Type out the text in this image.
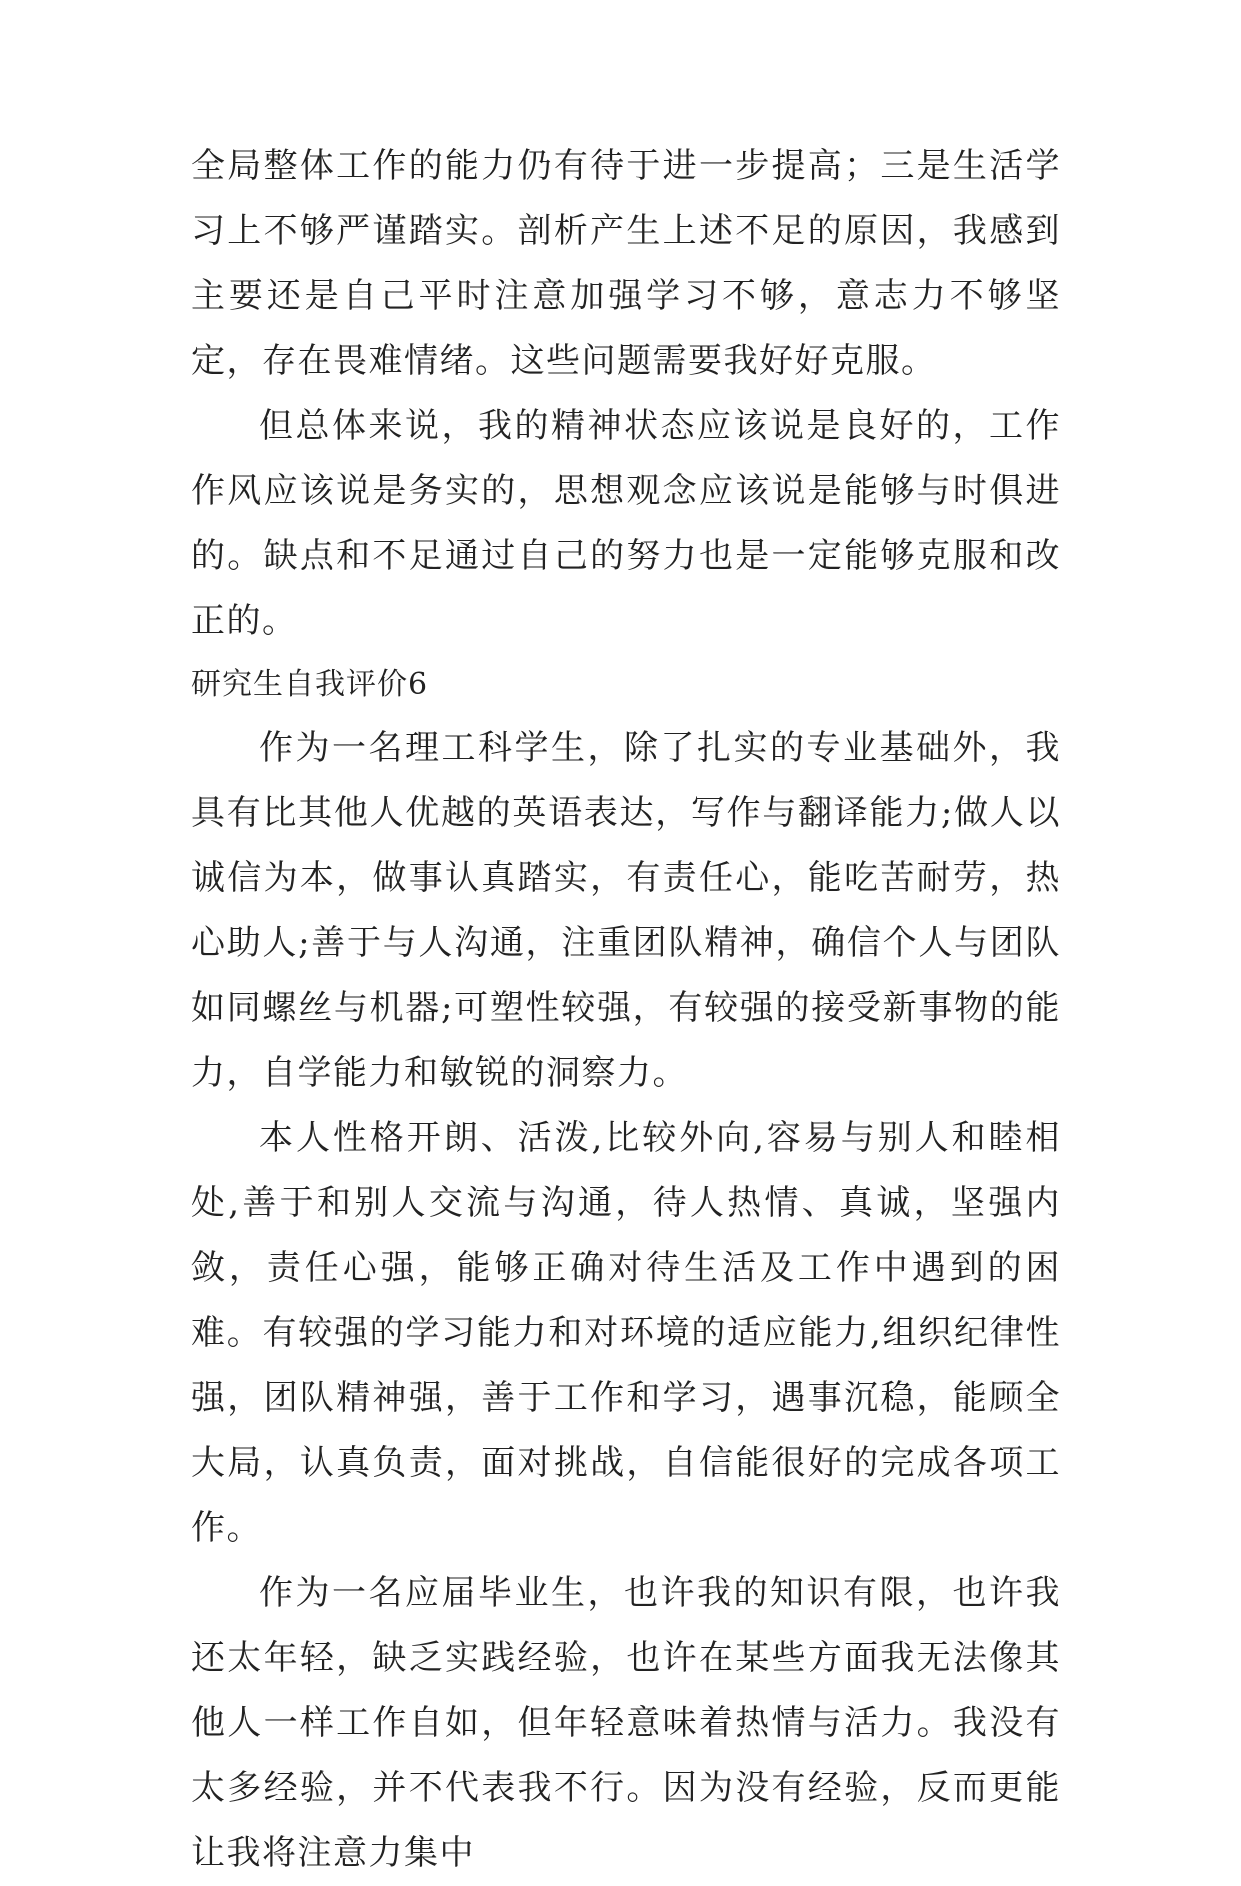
全局整体工作的能力仍有待于进一步提高；三是生活学习上不够严谨踏实。剖析产生上述不足的原因，我感到主要还是自己平时注意加强学习不够，意志力不够坚定，存在畏难情绪。这些问题需要我好好克服。

但总体来说，我的精神状态应该说是良好的，工作作风应该说是务实的，思想观念应该说是能够与时俱进的。缺点和不足通过自己的努力也是一定能够克服和改正的。

研究生自我评价6

作为一名理工科学生，除了扎实的专业基础外，我具有比其他人优越的英语表达，写作与翻译能力;做人以诚信为本，做事认真踏实，有责任心，能吃苦耐劳，热心助人;善于与人沟通，注重团队精神，确信个人与团队如同螺丝与机器;可塑性较强，有较强的接受新事物的能力，自学能力和敏锐的洞察力。

本人性格开朗、活泼,比较外向,容易与别人和睦相处,善于和别人交流与沟通，待人热情、真诚，坚强内敛，责任心强，能够正确对待生活及工作中遇到的困难。有较强的学习能力和对环境的适应能力,组织纪律性强，团队精神强，善于工作和学习，遇事沉稳，能顾全大局，认真负责，面对挑战，自信能很好的完成各项工作。

作为一名应届毕业生，也许我的知识有限，也许我还太年轻，缺乏实践经验，也许在某些方面我无法像其他人一样工作自如，但年轻意味着热情与活力。我没有太多经验，并不代表我不行。因为没有经验，反而更能让我将注意力集中
